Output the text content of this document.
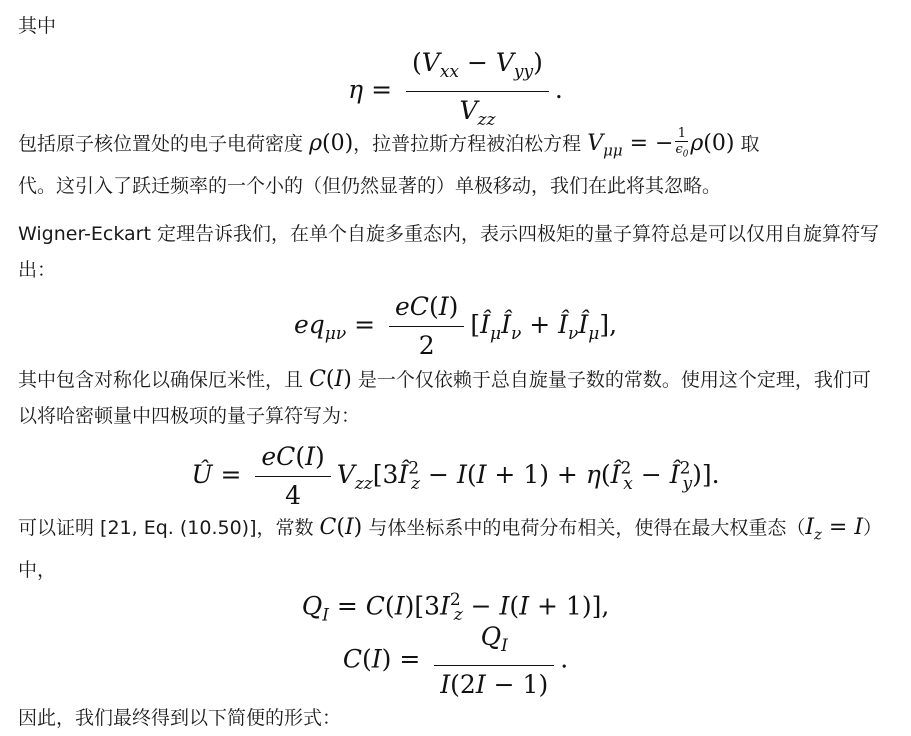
其中
$\eta = \frac{(V_{xx} - V_{yy})}{V_{zz}}$ .
包括原子核位置处的电子电荷密度 ρ(0)，拉普拉斯方程被泊松方程 $V_{\mu\mu}$ = − 1
$\epsilon_0\rho(0)$ 取
代。这引入了跃迁频率的一个小的（但仍然显著的）单极移动，我们在此将其忽略。
Wigner-Eckart 定理告诉我们，在单个自旋多重态内，表示四极矩的量子算符总是可以仅用自旋算符写出：
$eq_{\mu\nu} = \frac{eC(I)}{2}$ [$Î_\mu Î_\nu$ + $Î_\nu Î_\mu$],
其中包含对称化以确保厄米性，且 C(I) 是一个仅依赖于总自旋量子数的常数。使用这个定理，我们可以将哈密顿量中四极项的量子算符写为：
Û = $\frac{eC(I)}{4}$ $V_{zz}[3Î^2_z - I(I + 1)$ + $\eta(Î^2_x$ − $Î^2_y$)].
可以证明 [21, Eq. (10.50)]，常数 C(I) 与体坐标系中的电荷分布相关，使得在最大权重态$(I_z = I)$中，
$Q_I = C(I)[3I^2_z - I(I + 1)]$,
$C(I) = \frac{Q_I}{I(2I - 1)}$ .
因此，我们最终得到以下简便的形式：
